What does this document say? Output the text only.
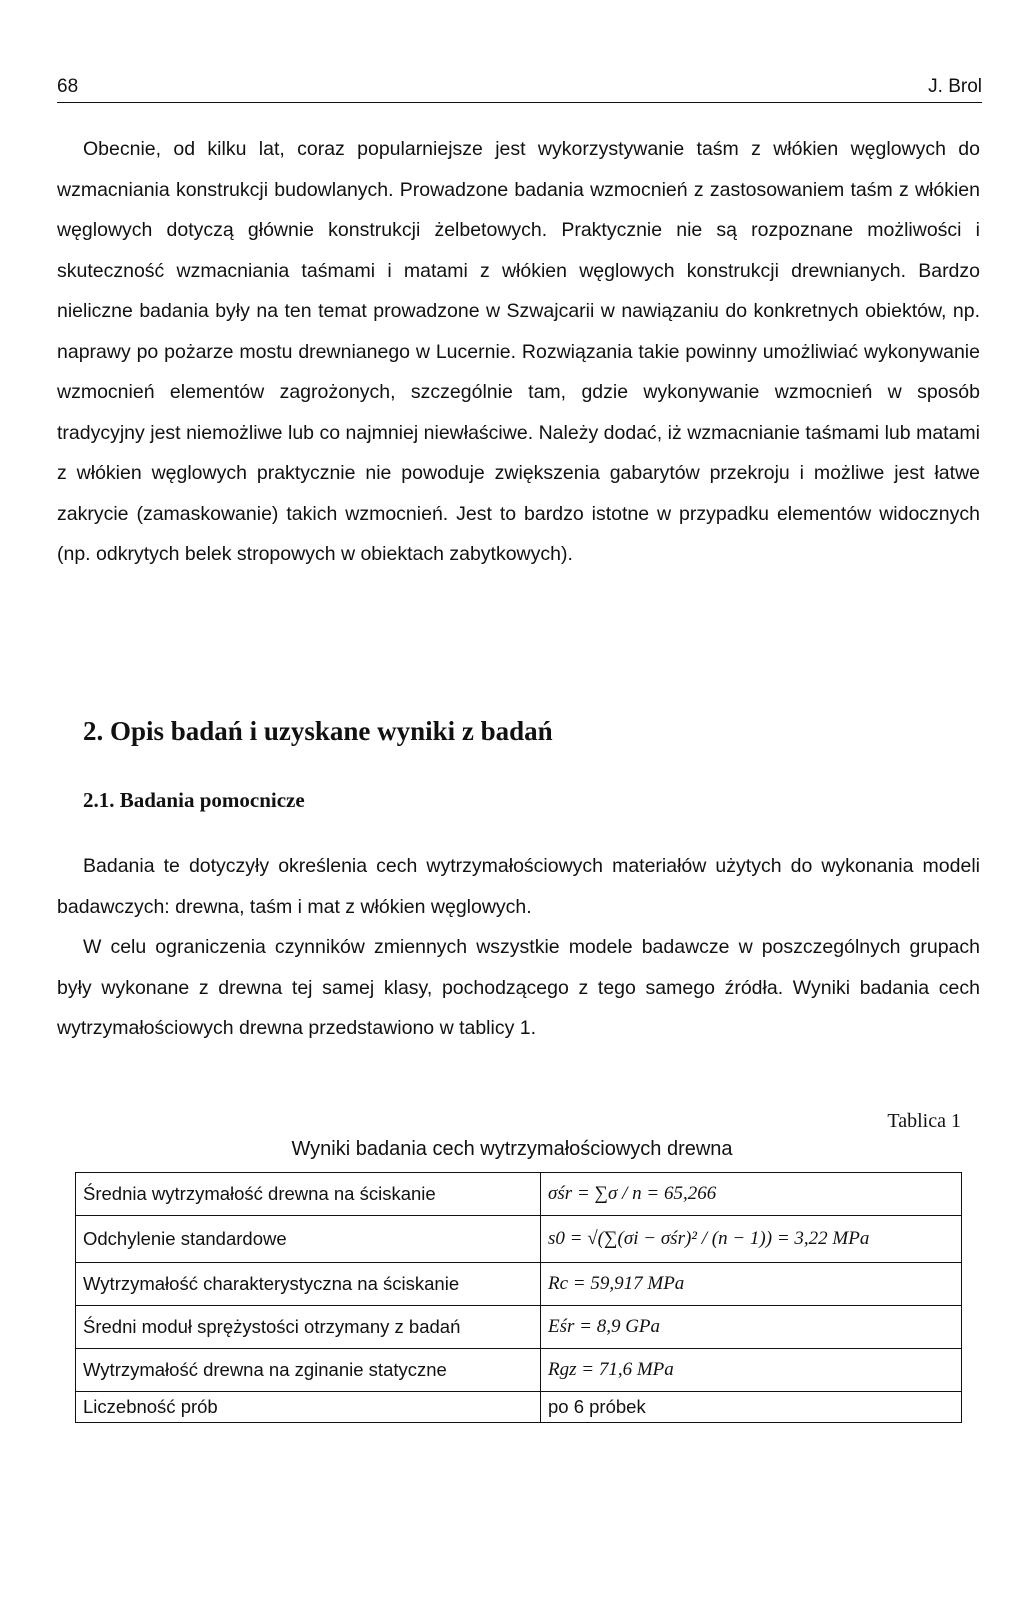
68	J. Brol

Obecnie, od kilku lat, coraz popularniejsze jest wykorzystywanie taśm z włókien węglowych do wzmacniania konstrukcji budowlanych. Prowadzone badania wzmocnień z zastosowaniem taśm z włókien węglowych dotyczą głównie konstrukcji żelbetowych. Praktycznie nie są rozpoznane możliwości i skuteczność wzmacniania taśmami i matami z włókien węglowych konstrukcji drewnianych. Bardzo nieliczne badania były na ten temat prowadzone w Szwajcarii w nawiązaniu do konkretnych obiektów, np. naprawy po pożarze mostu drewnianego w Lucernie. Rozwiązania takie powinny umożliwiać wykonywanie wzmocnień elementów zagrożonych, szczególnie tam, gdzie wykonywanie wzmocnień w sposób tradycyjny jest niemożliwe lub co najmniej niewłaściwe. Należy dodać, iż wzmacnianie taśmami lub matami z włókien węglowych praktycznie nie powoduje zwiększenia gabarytów przekroju i możliwe jest łatwe zakrycie (zamaskowanie) takich wzmocnień. Jest to bardzo istotne w przypadku elementów widocznych (np. odkrytych belek stropowych w obiektach zabytkowych).

2. Opis badań i uzyskane wyniki z badań
2.1. Badania pomocnicze
Badania te dotyczyły określenia cech wytrzymałościowych materiałów użytych do wykonania modeli badawczych: drewna, taśm i mat z włókien węglowych.
W celu ograniczenia czynników zmiennych wszystkie modele badawcze w poszczególnych grupach były wykonane z drewna tej samej klasy, pochodzącego z tego samego źródła. Wyniki badania cech wytrzymałościowych drewna przedstawiono w tablicy 1.
Tablica 1
Wyniki badania cech wytrzymałościowych drewna
Średnia wytrzymałość drewna na ściskanie	σśr = ∑σ / n = 65,266
Odchylenie standardowe	s0 = √(∑(σi − σśr)² / (n − 1)) = 3,22 MPa
Wytrzymałość charakterystyczna na ściskanie	Rc = 59,917 MPa
Średni moduł sprężystości otrzymany z badań	Eśr = 8,9 GPa
Wytrzymałość drewna na zginanie statyczne	Rgz = 71,6 MPa
Liczebność prób	po 6 próbek
